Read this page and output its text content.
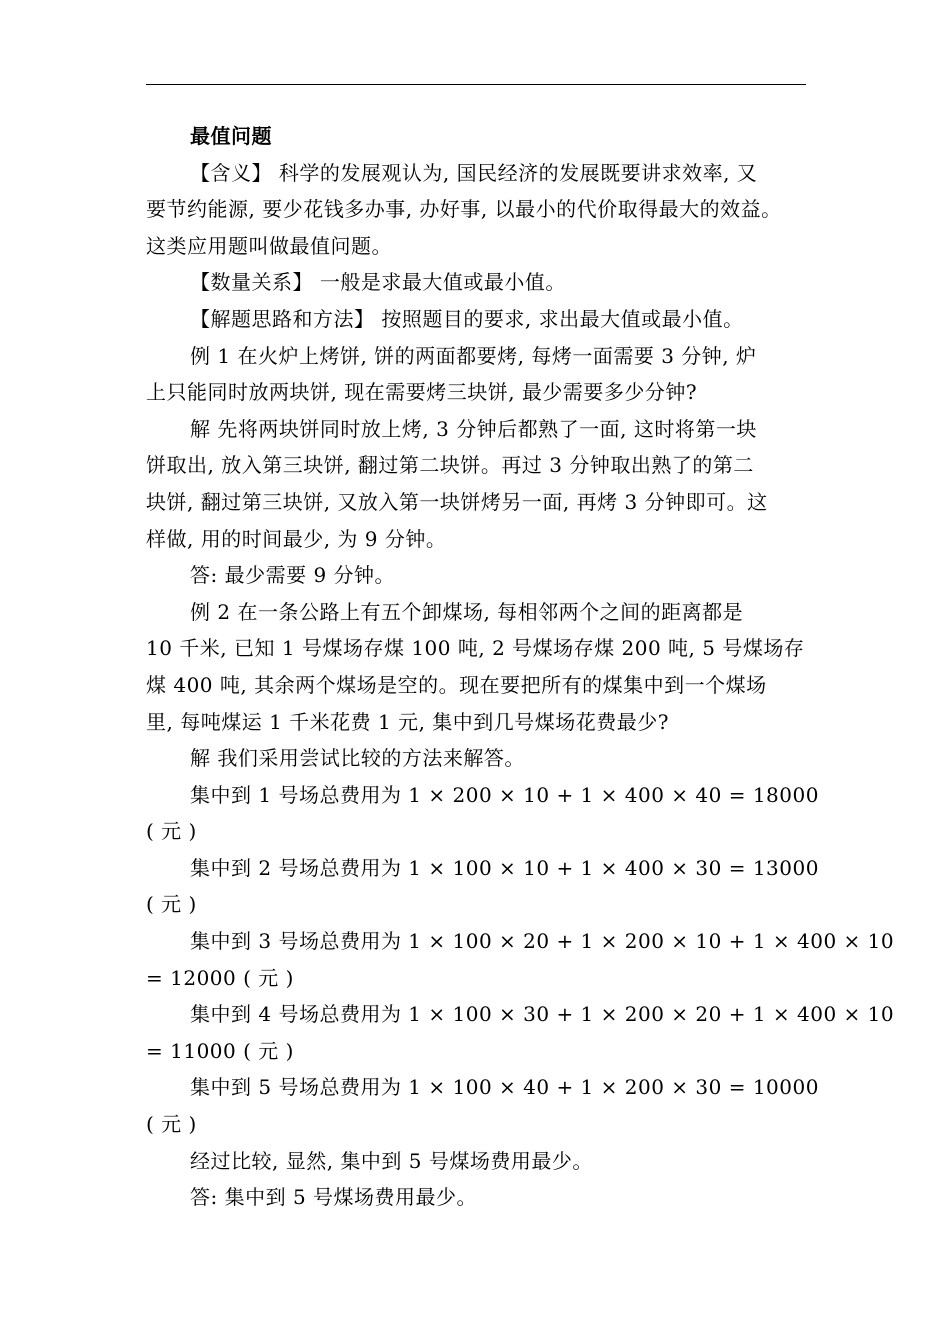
最值问题

【含义】 科学的发展观认为, 国民经济的发展既要讲求效率, 又

要节约能源, 要少花钱多办事, 办好事, 以最小的代价取得最大的效益。

这类应用题叫做最值问题。

【数量关系】 一般是求最大值或最小值。

【解题思路和方法】 按照题目的要求, 求出最大值或最小值。

例 1 在火炉上烤饼, 饼的两面都要烤, 每烤一面需要 3 分钟, 炉

上只能同时放两块饼, 现在需要烤三块饼, 最少需要多少分钟?

解 先将两块饼同时放上烤, 3 分钟后都熟了一面, 这时将第一块

饼取出, 放入第三块饼, 翻过第二块饼。再过 3 分钟取出熟了的第二

块饼, 翻过第三块饼, 又放入第一块饼烤另一面, 再烤 3 分钟即可。这

样做, 用的时间最少, 为 9 分钟。

答: 最少需要 9 分钟。

例 2 在一条公路上有五个卸煤场, 每相邻两个之间的距离都是

10 千米, 已知 1 号煤场存煤 100 吨, 2 号煤场存煤 200 吨, 5 号煤场存

煤 400 吨, 其余两个煤场是空的。现在要把所有的煤集中到一个煤场

里, 每吨煤运 1 千米花费 1 元, 集中到几号煤场花费最少?

解 我们采用尝试比较的方法来解答。

集中到 1 号场总费用为 1 × 200 × 10 + 1 × 400 × 40 = 18000

( 元 )

集中到 2 号场总费用为 1 × 100 × 10 + 1 × 400 × 30 = 13000

( 元 )

集中到 3 号场总费用为 1 × 100 × 20 + 1 × 200 × 10 + 1 × 400 × 10

= 12000 ( 元 )

集中到 4 号场总费用为 1 × 100 × 30 + 1 × 200 × 20 + 1 × 400 × 10

= 11000 ( 元 )

集中到 5 号场总费用为 1 × 100 × 40 + 1 × 200 × 30 = 10000

( 元 )

经过比较, 显然, 集中到 5 号煤场费用最少。

答: 集中到 5 号煤场费用最少。
